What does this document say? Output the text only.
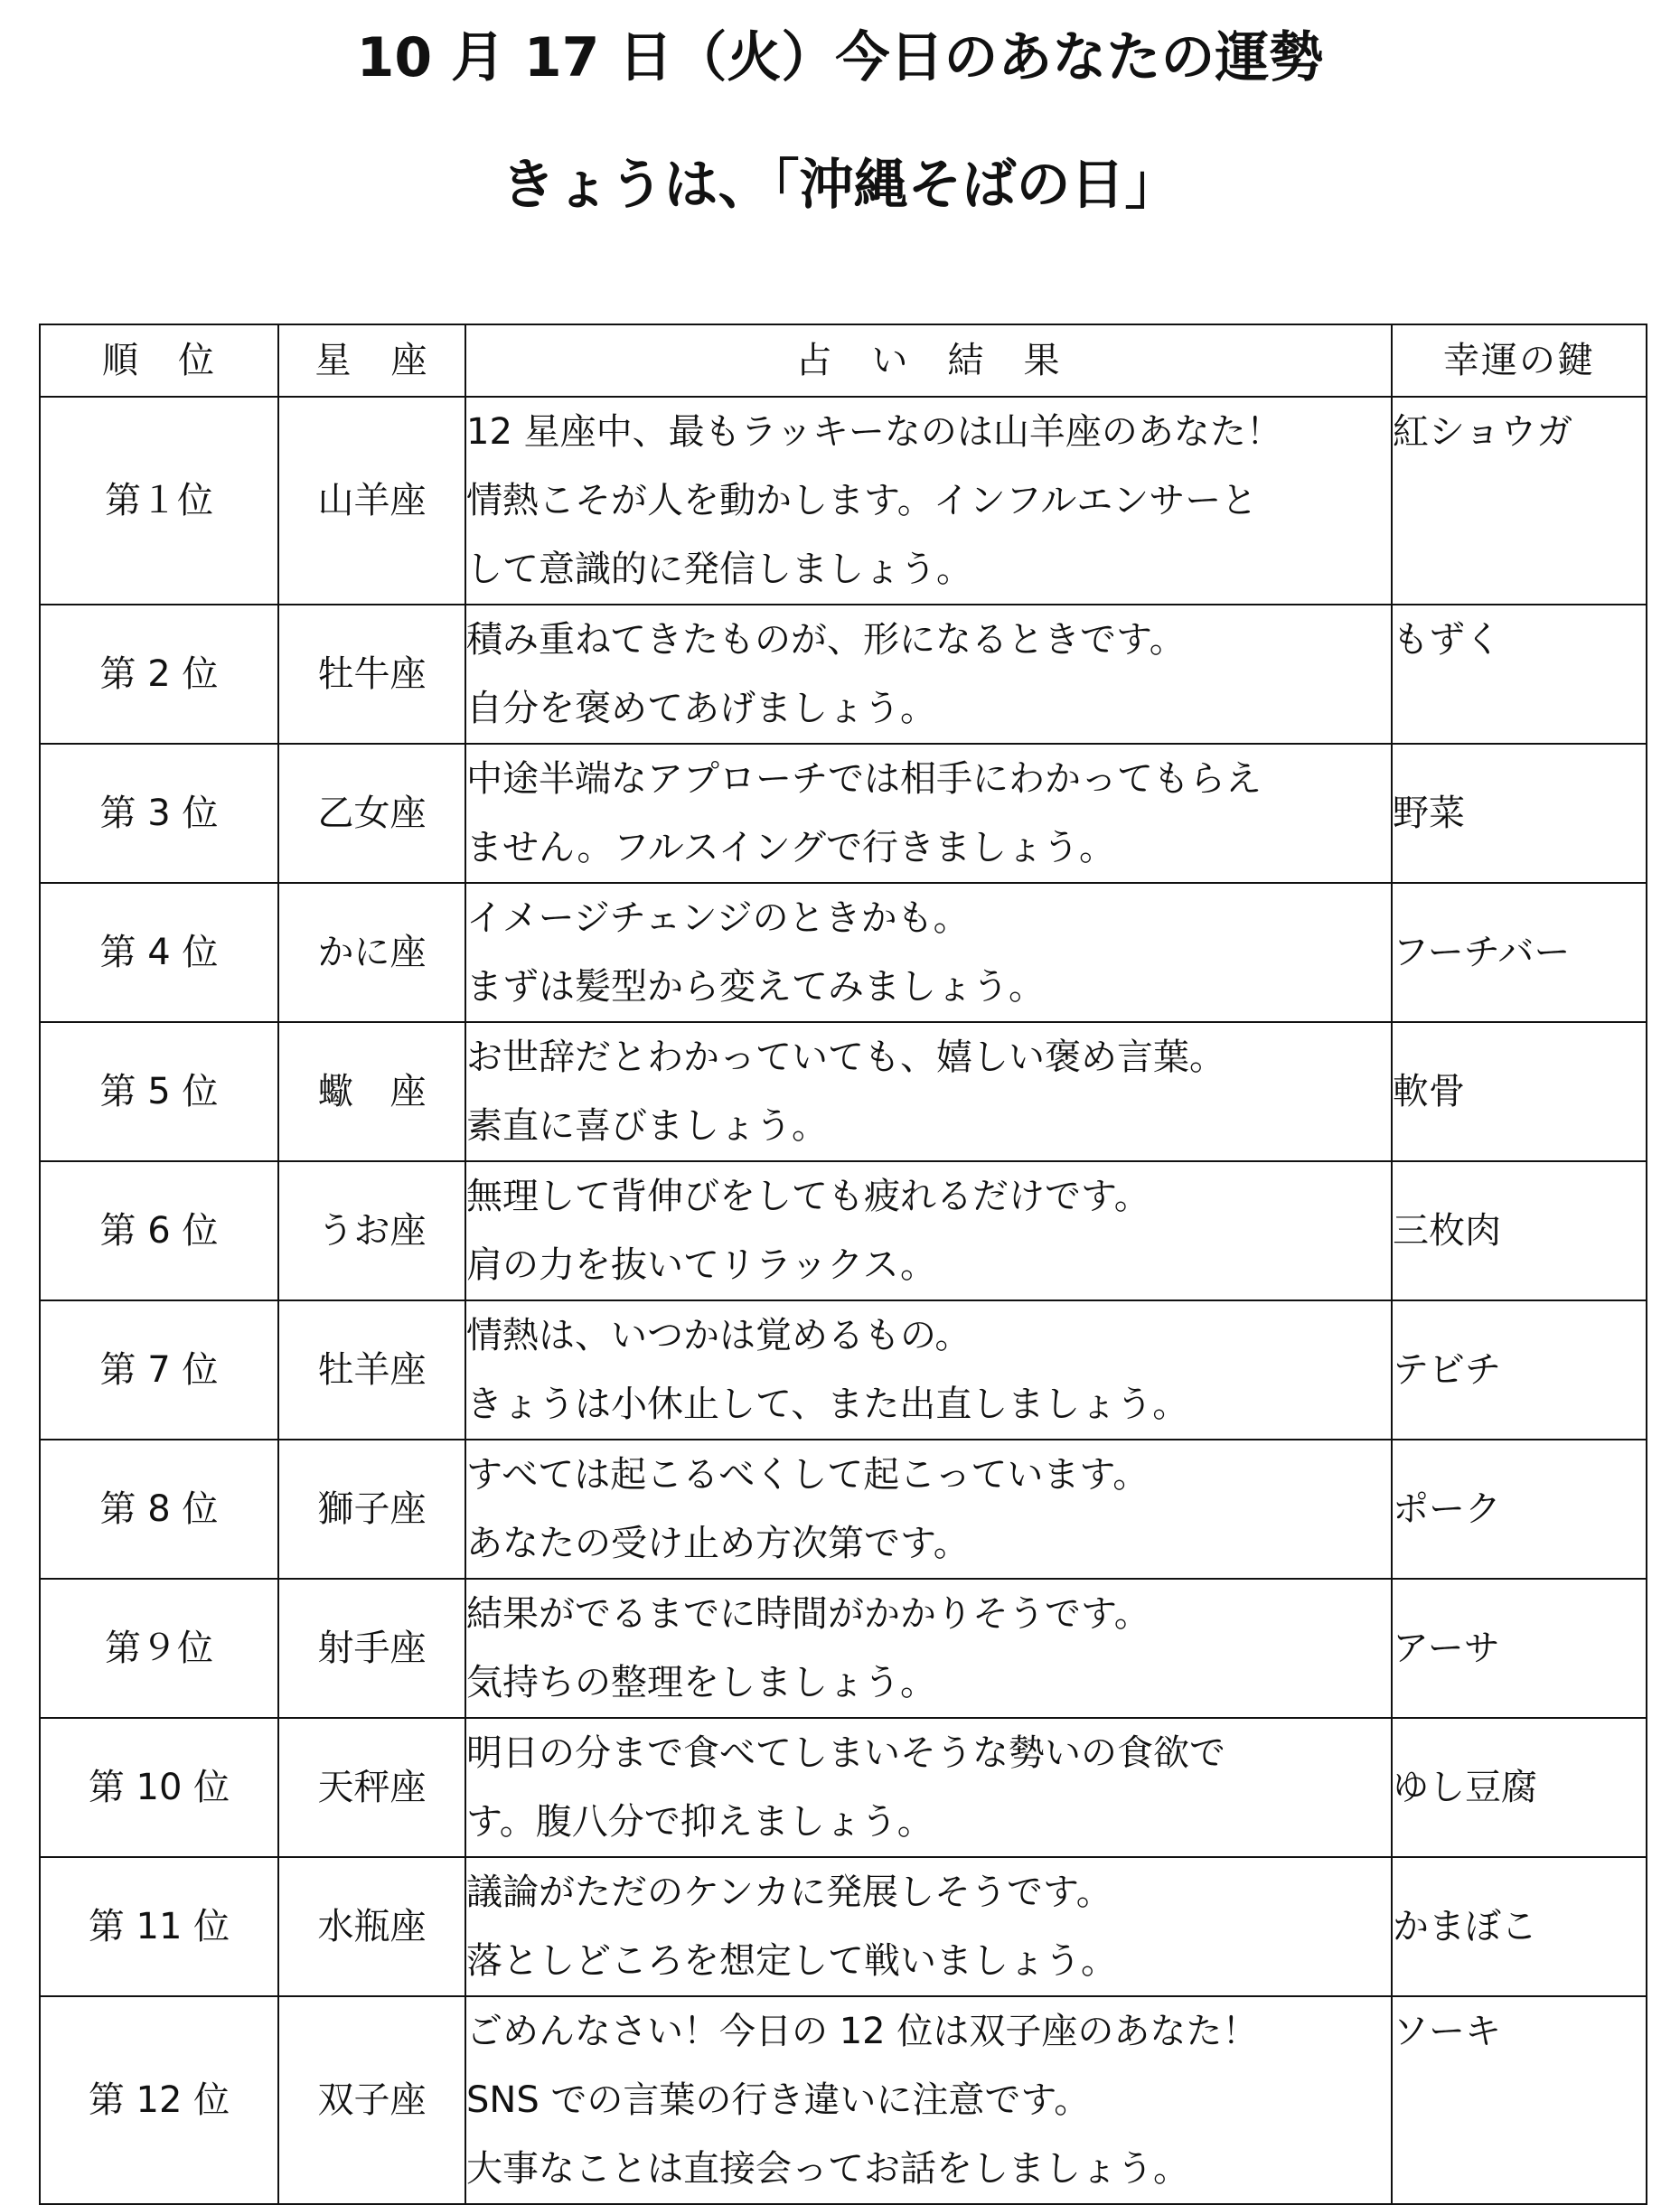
10 月 17 日（火）今日のあなたの運勢
きょうは、「沖縄そばの日」
順　位	星　座	占　い　結　果	幸運の鍵
第１位	山羊座	12 星座中、最もラッキーなのは山羊座のあなた！
情熱こそが人を動かします。インフルエンサーと
して意識的に発信しましょう。	紅ショウガ
第 2 位	牡牛座	積み重ねてきたものが、形になるときです。
自分を褒めてあげましょう。	もずく
第 3 位	乙女座	中途半端なアプローチでは相手にわかってもらえ
ません。フルスイングで行きましょう。	野菜
第 4 位	かに座	イメージチェンジのときかも。
まずは髪型から変えてみましょう。	フーチバー
第 5 位	蠍　座	お世辞だとわかっていても、嬉しい褒め言葉。
素直に喜びましょう。	軟骨
第 6 位	うお座	無理して背伸びをしても疲れるだけです。
肩の力を抜いてリラックス。	三枚肉
第 7 位	牡羊座	情熱は、いつかは覚めるもの。
きょうは小休止して、また出直しましょう。	テビチ
第 8 位	獅子座	すべては起こるべくして起こっています。
あなたの受け止め方次第です。	ポーク
第９位	射手座	結果がでるまでに時間がかかりそうです。
気持ちの整理をしましょう。	アーサ
第 10 位	天秤座	明日の分まで食べてしまいそうな勢いの食欲で
す。腹八分で抑えましょう。	ゆし豆腐
第 11 位	水瓶座	議論がただのケンカに発展しそうです。
落としどころを想定して戦いましょう。	かまぼこ
第 12 位	双子座	ごめんなさい！今日の 12 位は双子座のあなた！
SNS での言葉の行き違いに注意です。
大事なことは直接会ってお話をしましょう。	ソーキ
